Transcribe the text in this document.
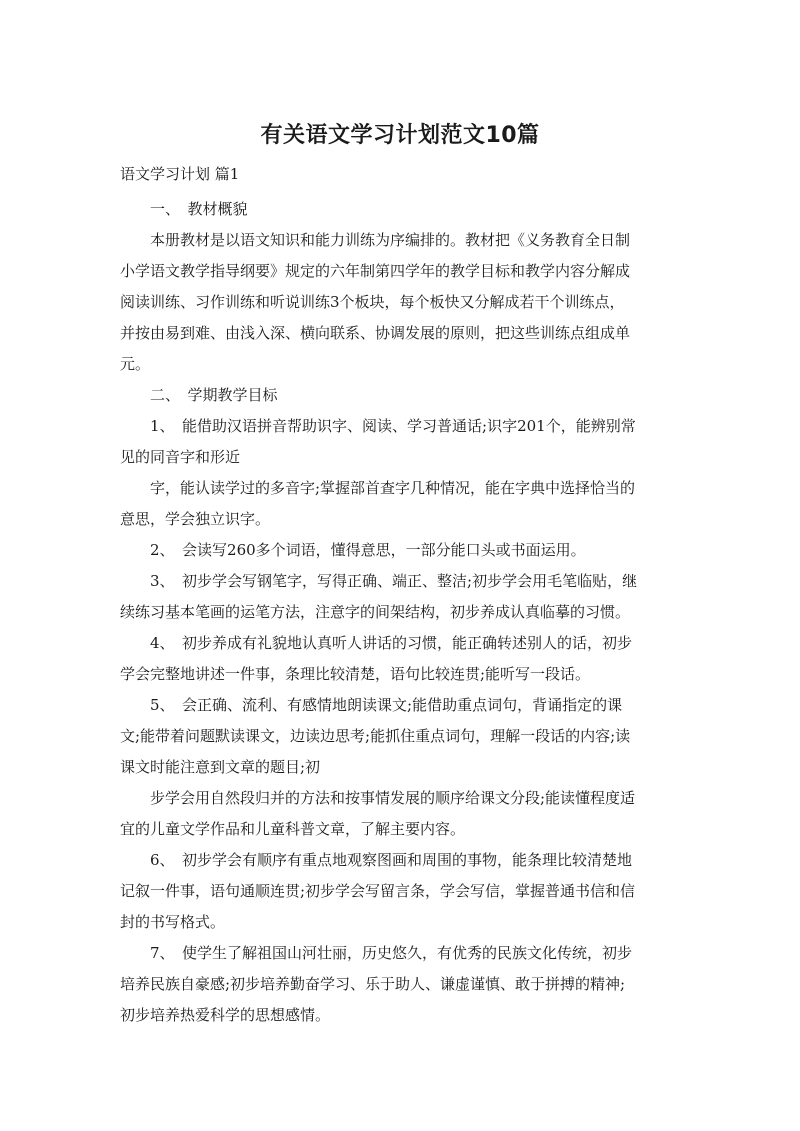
有关语文学习计划范文10篇
语文学习计划 篇1
　　一、　教材概貌
　　本册教材是以语文知识和能力训练为序编排的。教材把《义务教育全日制
小学语文教学指导纲要》规定的六年制第四学年的教学目标和教学内容分解成
阅读训练、习作训练和听说训练3个板块，每个板快又分解成若干个训练点，
并按由易到难、由浅入深、横向联系、协调发展的原则，把这些训练点组成单
元。
　　二、　学期教学目标
　　1、　能借助汉语拼音帮助识字、阅读、学习普通话;识字201个，能辨别常
见的同音字和形近
　　字，能认读学过的多音字;掌握部首查字几种情况，能在字典中选择恰当的
意思，学会独立识字。
　　2、　会读写260多个词语，懂得意思，一部分能口头或书面运用。
　　3、　初步学会写钢笔字，写得正确、端正、整洁;初步学会用毛笔临贴，继
续练习基本笔画的运笔方法，注意字的间架结构，初步养成认真临摹的习惯。
　　4、　初步养成有礼貌地认真听人讲话的习惯，能正确转述别人的话，初步
学会完整地讲述一件事，条理比较清楚，语句比较连贯;能听写一段话。
　　5、　会正确、流利、有感情地朗读课文;能借助重点词句，背诵指定的课
文;能带着问题默读课文，边读边思考;能抓住重点词句，理解一段话的内容;读
课文时能注意到文章的题目;初
　　步学会用自然段归并的方法和按事情发展的顺序给课文分段;能读懂程度适
宜的儿童文学作品和儿童科普文章，了解主要内容。
　　6、　初步学会有顺序有重点地观察图画和周围的事物，能条理比较清楚地
记叙一件事，语句通顺连贯;初步学会写留言条，学会写信，掌握普通书信和信
封的书写格式。
　　7、　使学生了解祖国山河壮丽，历史悠久，有优秀的民族文化传统，初步
培养民族自豪感;初步培养勤奋学习、乐于助人、谦虚谨慎、敢于拼搏的精神;
初步培养热爱科学的思想感情。
